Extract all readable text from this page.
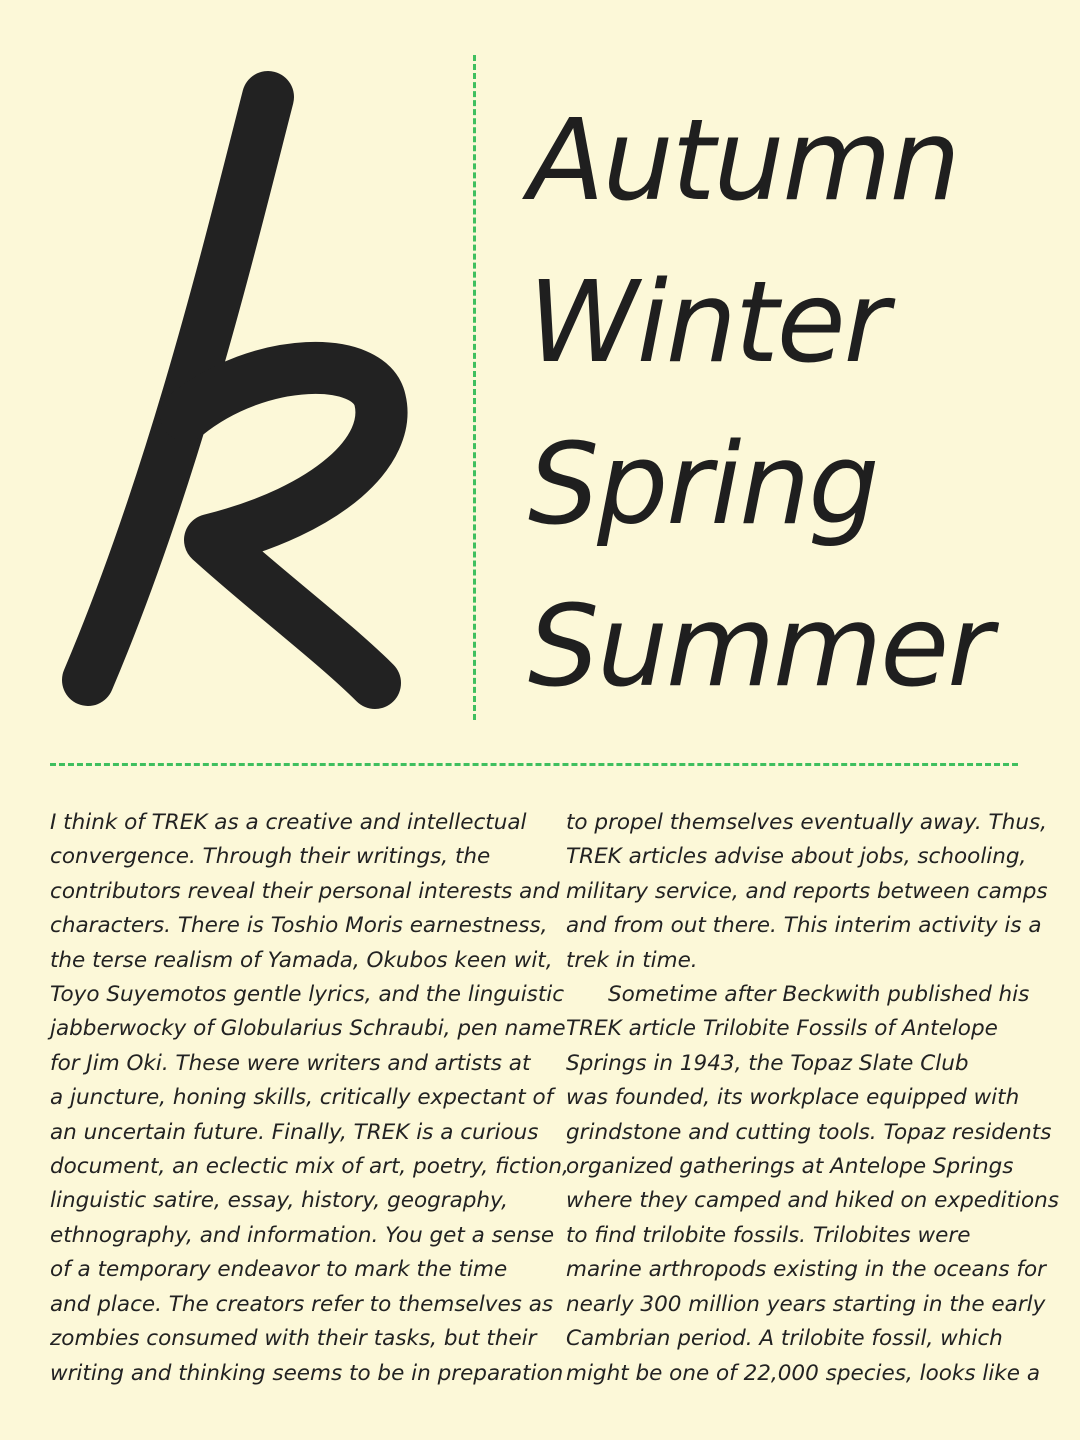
Autumn
Winter
Spring
Summer
I think of TREK as a creative and intellectual
convergence. Through their writings, the
contributors reveal their personal interests and
characters. There is Toshio Moris earnestness,
the terse realism of Yamada, Okubos keen wit,
Toyo Suyemotos gentle lyrics, and the linguistic
jabberwocky of Globularius Schraubi, pen name
for Jim Oki. These were writers and artists at
a juncture, honing skills, critically expectant of
an uncertain future. Finally, TREK is a curious
document, an eclectic mix of art, poetry, fiction,
linguistic satire, essay, history, geography,
ethnography, and information. You get a sense
of a temporary endeavor to mark the time
and place. The creators refer to themselves as
zombies consumed with their tasks, but their
writing and thinking seems to be in preparation
to propel themselves eventually away. Thus,
TREK articles advise about jobs, schooling,
military service, and reports between camps
and from out there. This interim activity is a
trek in time.
Sometime after Beckwith published his
TREK article Trilobite Fossils of Antelope
Springs in 1943, the Topaz Slate Club
was founded, its workplace equipped with
grindstone and cutting tools. Topaz residents
organized gatherings at Antelope Springs
where they camped and hiked on expeditions
to find trilobite fossils. Trilobites were
marine arthropods existing in the oceans for
nearly 300 million years starting in the early
Cambrian period. A trilobite fossil, which
might be one of 22,000 species, looks like a
